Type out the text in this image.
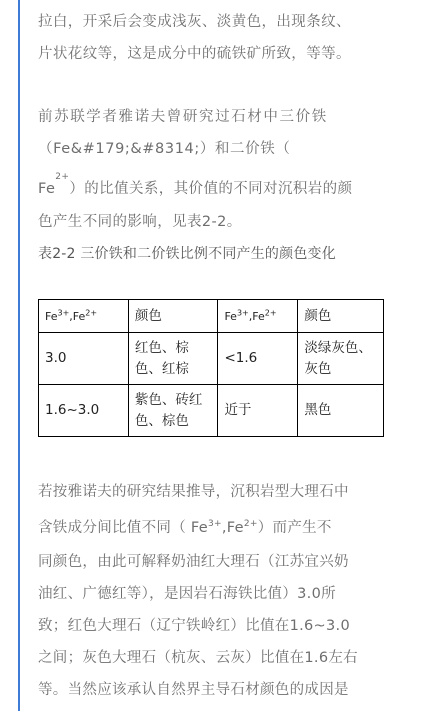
拉白，开采后会变成浅灰、淡黄色，出现条纹、
片状花纹等，这是成分中的硫铁矿所致，等等。
前苏联学者雅诺夫曾研究过石材中三价铁
（Fe&#179;&#8314;）和二价铁（
$Fe^{2+}$）的比值关系，其价值的不同对沉积岩的颜
色产生不同的影响，见表2-2。
表2-2 三价铁和二价铁比例不同产生的颜色变化
$Fe^{3+},Fe^{2+}$	颜色	$Fe^{3+},Fe^{2+}$	颜色
3.0	红色、棕色、红棕	<1.6	淡绿灰色、灰色
1.6~3.0	紫色、砖红色、棕色	近于	黑色
若按雅诺夫的研究结果推导，沉积岩型大理石中
含铁成分间比值不同（ $Fe^{3+},Fe^{2+}$）而产生不
同颜色，由此可解释奶油红大理石（江苏宜兴奶
油红、广德红等），是因岩石海铁比值）3.0所
致；红色大理石（辽宁铁岭红）比值在1.6~3.0
之间；灰色大理石（杭灰、云灰）比值在1.6左右
等。当然应该承认自然界主导石材颜色的成因是
